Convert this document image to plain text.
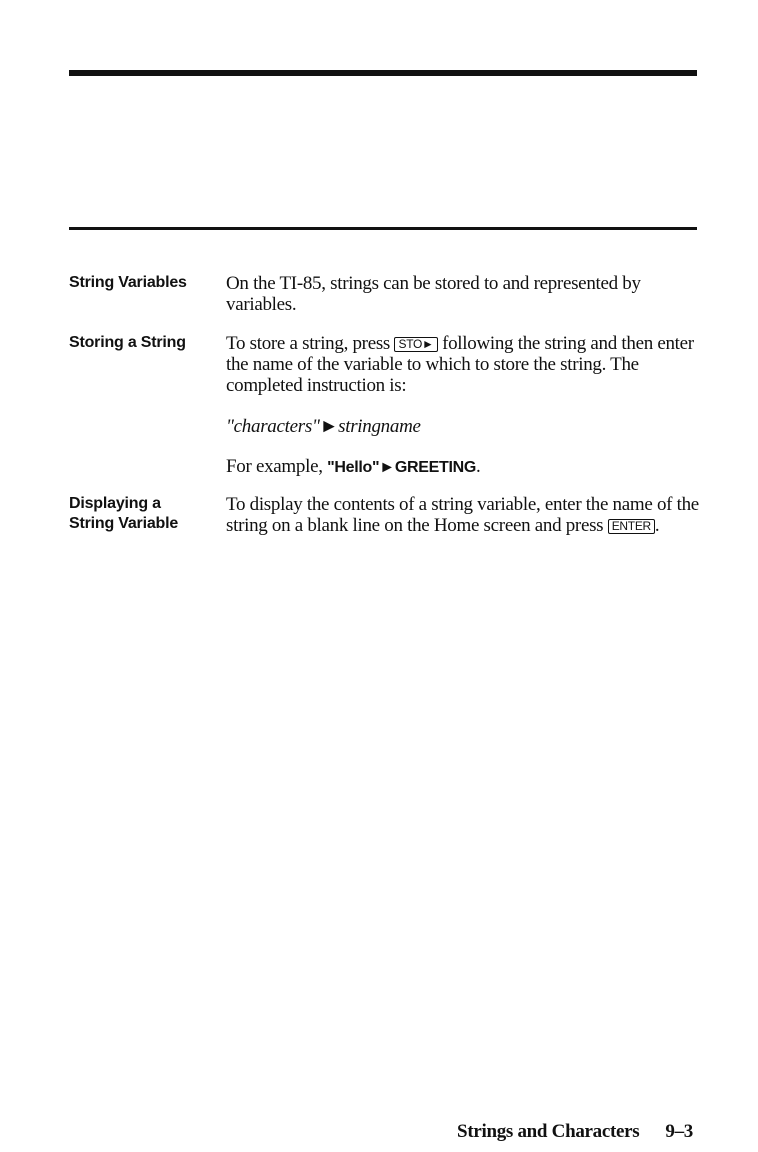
String Variables	On the TI-85, strings can be stored to and represented by variables.

Storing a String	To store a string, press STO► following the string and then enter the name of the variable to which to store the string. The completed instruction is:

"characters"►stringname

For example, "Hello"►GREETING.

Displaying a
String Variable

To display the contents of a string variable, enter the name of the string on a blank line on the Home screen and press ENTER .

Strings and Characters 9–3
